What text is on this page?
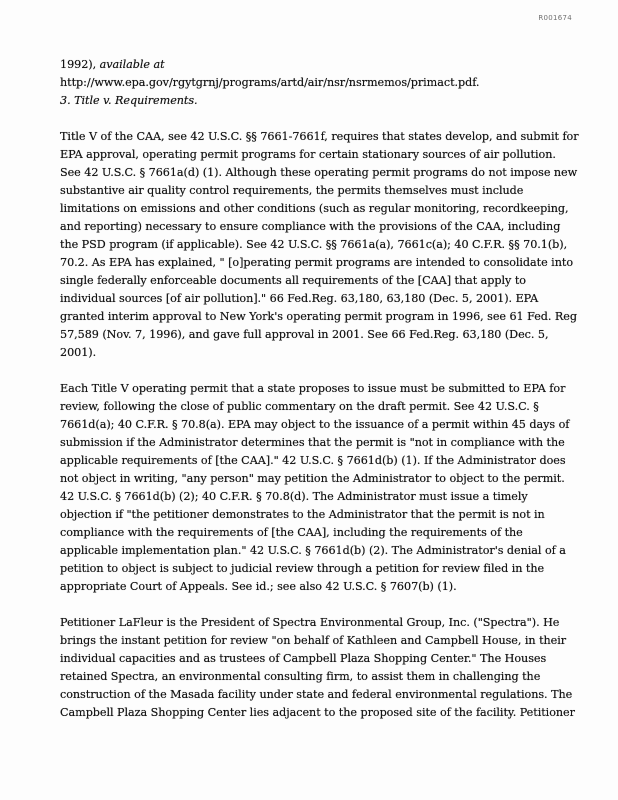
R001674
1992), available at
http://www.epa.gov/rgytgrnj/programs/artd/air/nsr/nsrmemos/primact.pdf.
3. Title v. Requirements.
Title V of the CAA, see 42 U.S.C. §§ 7661-7661f, requires that states develop, and submit for
EPA approval, operating permit programs for certain stationary sources of air pollution.
See 42 U.S.C. § 7661a(d) (1). Although these operating permit programs do not impose new
substantive air quality control requirements, the permits themselves must include
limitations on emissions and other conditions (such as regular monitoring, recordkeeping,
and reporting) necessary to ensure compliance with the provisions of the CAA, including
the PSD program (if applicable). See 42 U.S.C. §§ 7661a(a), 7661c(a); 40 C.F.R. §§ 70.1(b),
70.2. As EPA has explained, " [o]perating permit programs are intended to consolidate into
single federally enforceable documents all requirements of the [CAA] that apply to
individual sources [of air pollution]." 66 Fed.Reg. 63,180, 63,180 (Dec. 5, 2001). EPA
granted interim approval to New York's operating permit program in 1996, see 61 Fed. Reg
57,589 (Nov. 7, 1996), and gave full approval in 2001. See 66 Fed.Reg. 63,180 (Dec. 5,
2001).
Each Title V operating permit that a state proposes to issue must be submitted to EPA for
review, following the close of public commentary on the draft permit. See 42 U.S.C. §
7661d(a); 40 C.F.R. § 70.8(a). EPA may object to the issuance of a permit within 45 days of
submission if the Administrator determines that the permit is "not in compliance with the
applicable requirements of [the CAA]." 42 U.S.C. § 7661d(b) (1). If the Administrator does
not object in writing, "any person" may petition the Administrator to object to the permit.
42 U.S.C. § 7661d(b) (2); 40 C.F.R. § 70.8(d). The Administrator must issue a timely
objection if "the petitioner demonstrates to the Administrator that the permit is not in
compliance with the requirements of [the CAA], including the requirements of the
applicable implementation plan." 42 U.S.C. § 7661d(b) (2). The Administrator's denial of a
petition to object is subject to judicial review through a petition for review filed in the
appropriate Court of Appeals. See id.; see also 42 U.S.C. § 7607(b) (1).
Petitioner LaFleur is the President of Spectra Environmental Group, Inc. ("Spectra"). He
brings the instant petition for review "on behalf of Kathleen and Campbell House, in their
individual capacities and as trustees of Campbell Plaza Shopping Center." The Houses
retained Spectra, an environmental consulting firm, to assist them in challenging the
construction of the Masada facility under state and federal environmental regulations. The
Campbell Plaza Shopping Center lies adjacent to the proposed site of the facility. Petitioner
